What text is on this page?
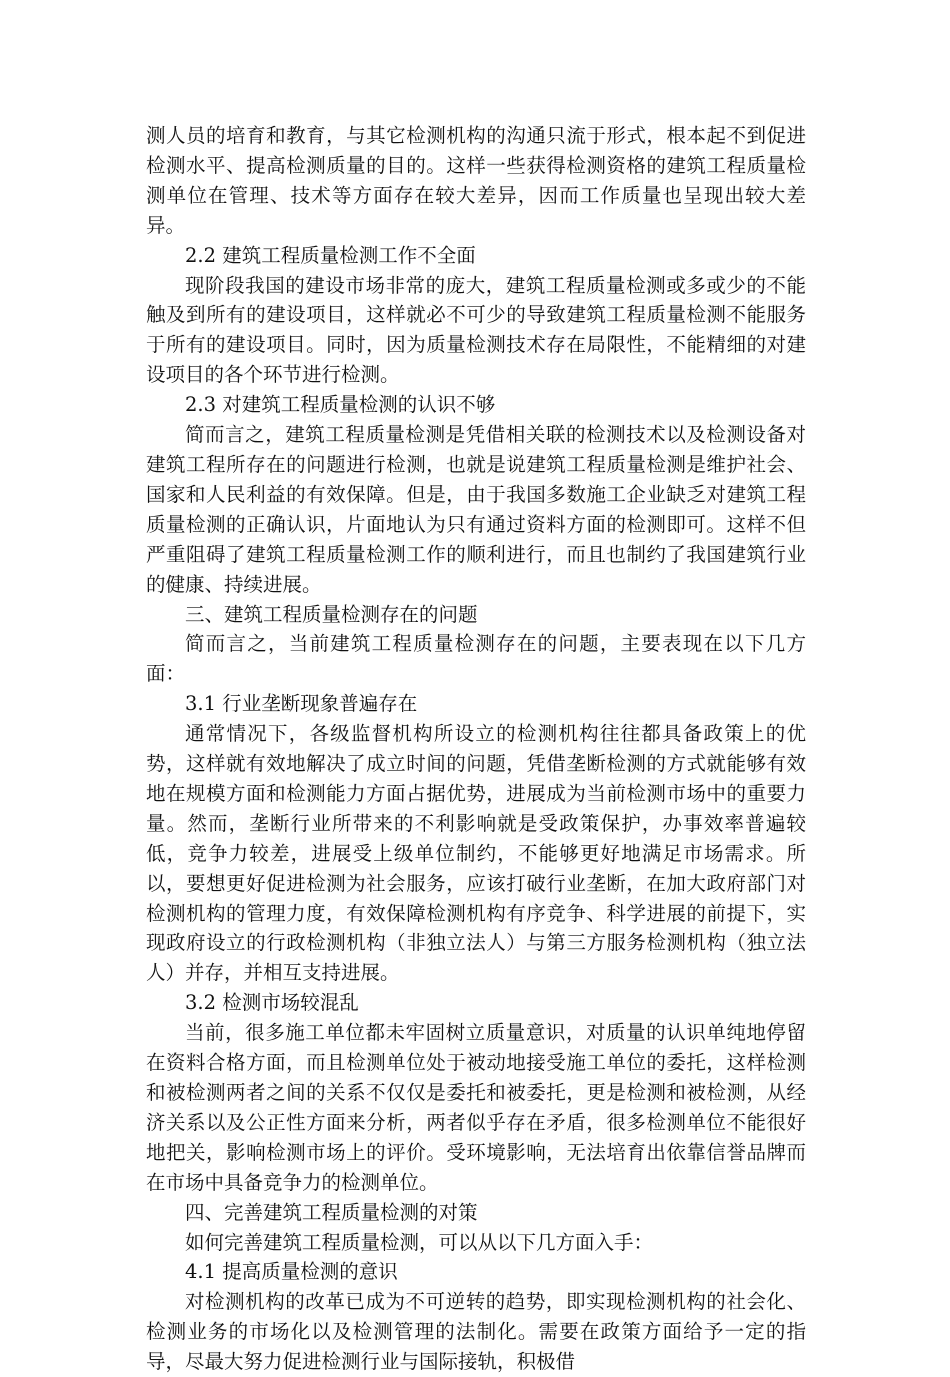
测人员的培育和教育，与其它检测机构的沟通只流于形式，根本起不到促进检测水平、提高检测质量的目的。这样一些获得检测资格的建筑工程质量检测单位在管理、技术等方面存在较大差异，因而工作质量也呈现出较大差异。

2.2 建筑工程质量检测工作不全面

现阶段我国的建设市场非常的庞大，建筑工程质量检测或多或少的不能触及到所有的建设项目，这样就必不可少的导致建筑工程质量检测不能服务于所有的建设项目。同时，因为质量检测技术存在局限性，不能精细的对建设项目的各个环节进行检测。

2.3 对建筑工程质量检测的认识不够

简而言之，建筑工程质量检测是凭借相关联的检测技术以及检测设备对建筑工程所存在的问题进行检测，也就是说建筑工程质量检测是维护社会、国家和人民利益的有效保障。但是，由于我国多数施工企业缺乏对建筑工程质量检测的正确认识，片面地认为只有通过资料方面的检测即可。这样不但严重阻碍了建筑工程质量检测工作的顺利进行，而且也制约了我国建筑行业的健康、持续进展。

三、建筑工程质量检测存在的问题

简而言之，当前建筑工程质量检测存在的问题，主要表现在以下几方面：

3.1 行业垄断现象普遍存在

通常情况下，各级监督机构所设立的检测机构往往都具备政策上的优势，这样就有效地解决了成立时间的问题，凭借垄断检测的方式就能够有效地在规模方面和检测能力方面占据优势，进展成为当前检测市场中的重要力量。然而，垄断行业所带来的不利影响就是受政策保护，办事效率普遍较低，竞争力较差，进展受上级单位制约，不能够更好地满足市场需求。所以，要想更好促进检测为社会服务，应该打破行业垄断，在加大政府部门对检测机构的管理力度，有效保障检测机构有序竞争、科学进展的前提下，实现政府设立的行政检测机构（非独立法人）与第三方服务检测机构（独立法人）并存，并相互支持进展。

3.2 检测市场较混乱

当前，很多施工单位都未牢固树立质量意识，对质量的认识单纯地停留在资料合格方面，而且检测单位处于被动地接受施工单位的委托，这样检测和被检测两者之间的关系不仅仅是委托和被委托，更是检测和被检测，从经济关系以及公正性方面来分析，两者似乎存在矛盾，很多检测单位不能很好地把关，影响检测市场上的评价。受环境影响，无法培育出依靠信誉品牌而在市场中具备竞争力的检测单位。

四、完善建筑工程质量检测的对策

如何完善建筑工程质量检测，可以从以下几方面入手：

4.1 提高质量检测的意识

对检测机构的改革已成为不可逆转的趋势，即实现检测机构的社会化、检测业务的市场化以及检测管理的法制化。需要在政策方面给予一定的指导，尽最大努力促进检测行业与国际接轨，积极借
